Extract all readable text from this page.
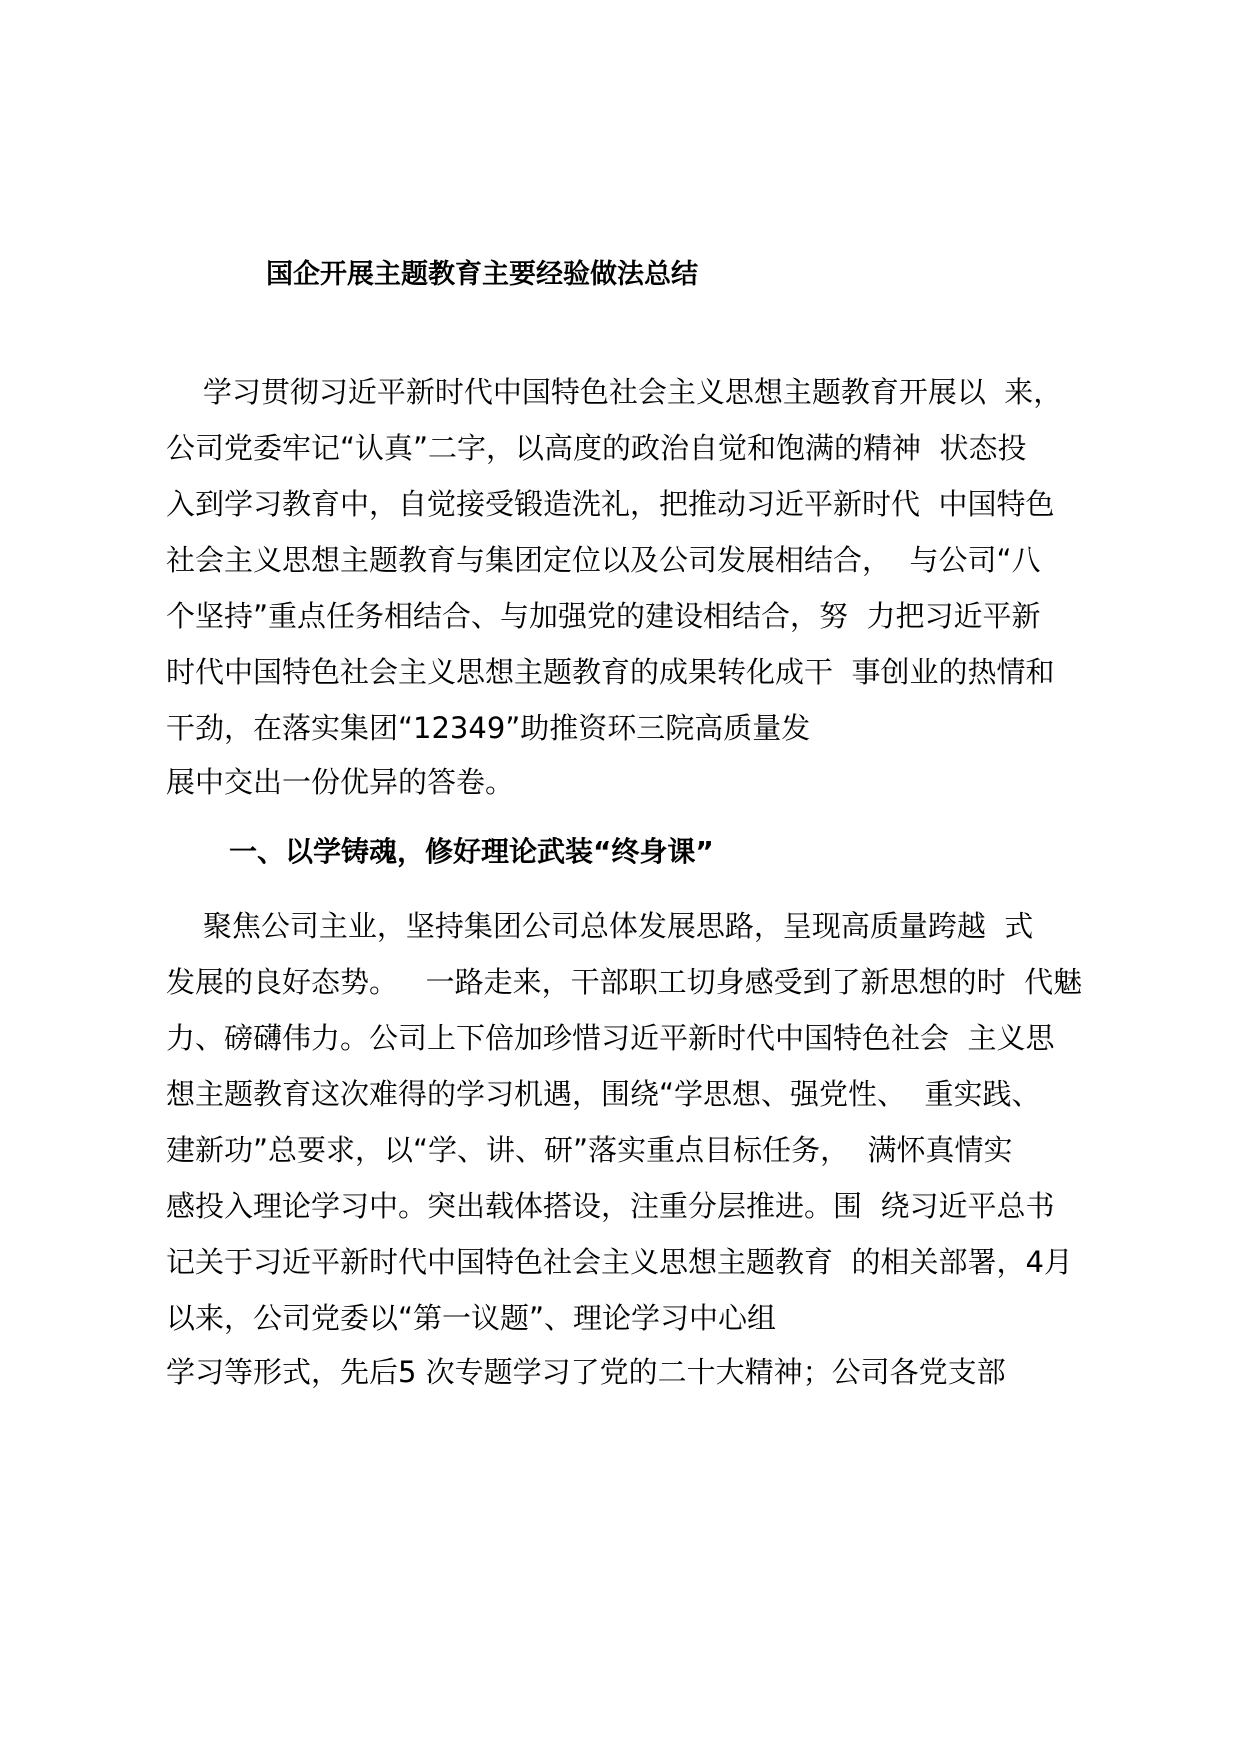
国企开展主题教育主要经验做法总结
学习贯彻习近平新时代中国特色社会主义思想主题教育开展以  来，
公司党委牢记“认真”二字，以高度的政治自觉和饱满的精神  状态投
入到学习教育中，自觉接受锻造洗礼，把推动习近平新时代  中国特色
社会主义思想主题教育与集团定位以及公司发展相结合，  与公司“八
个坚持”重点任务相结合、与加强党的建设相结合，努  力把习近平新
时代中国特色社会主义思想主题教育的成果转化成干  事创业的热情和
干劲，在落实集团“12349”助推资环三院高质量发
展中交出一份优异的答卷。
一、以学铸魂，修好理论武装“终身课”
聚焦公司主业，坚持集团公司总体发展思路，呈现高质量跨越  式
发展的良好态势。   一路走来，干部职工切身感受到了新思想的时  代魅
力、磅礴伟力。公司上下倍加珍惜习近平新时代中国特色社会  主义思
想主题教育这次难得的学习机遇，围绕“学思想、强党性、  重实践、
建新功”总要求，以“学、讲、研”落实重点目标任务，  满怀真情实
感投入理论学习中。突出载体搭设，注重分层推进。围  绕习近平总书
记关于习近平新时代中国特色社会主义思想主题教育  的相关部署，4月
以来，公司党委以“第一议题”、理论学习中心组
学习等形式，先后5 次专题学习了党的二十大精神；公司各党支部
